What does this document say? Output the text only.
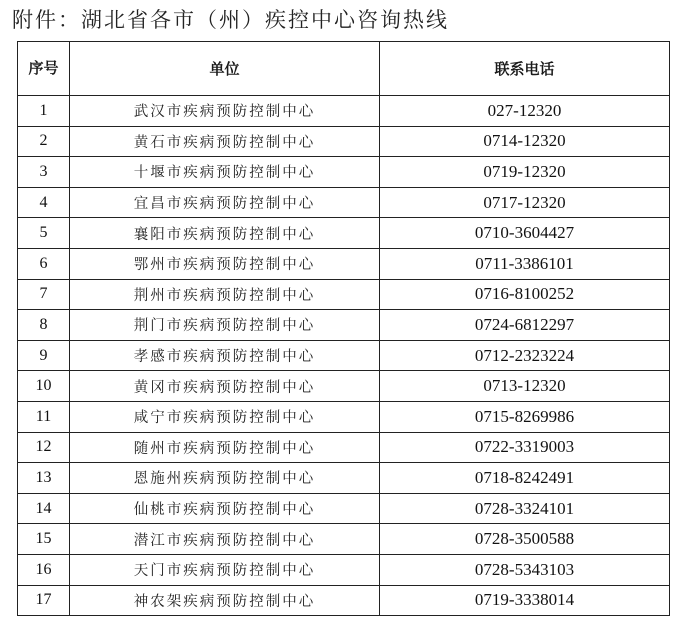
附件：湖北省各市（州）疾控中心咨询热线
序号	单位	联系电话
1	武汉市疾病预防控制中心	027-12320
2	黄石市疾病预防控制中心	0714-12320
3	十堰市疾病预防控制中心	0719-12320
4	宜昌市疾病预防控制中心	0717-12320
5	襄阳市疾病预防控制中心	0710-3604427
6	鄂州市疾病预防控制中心	0711-3386101
7	荆州市疾病预防控制中心	0716-8100252
8	荆门市疾病预防控制中心	0724-6812297
9	孝感市疾病预防控制中心	0712-2323224
10	黄冈市疾病预防控制中心	0713-12320
11	咸宁市疾病预防控制中心	0715-8269986
12	随州市疾病预防控制中心	0722-3319003
13	恩施州疾病预防控制中心	0718-8242491
14	仙桃市疾病预防控制中心	0728-3324101
15	潜江市疾病预防控制中心	0728-3500588
16	天门市疾病预防控制中心	0728-5343103
17	神农架疾病预防控制中心	0719-3338014
